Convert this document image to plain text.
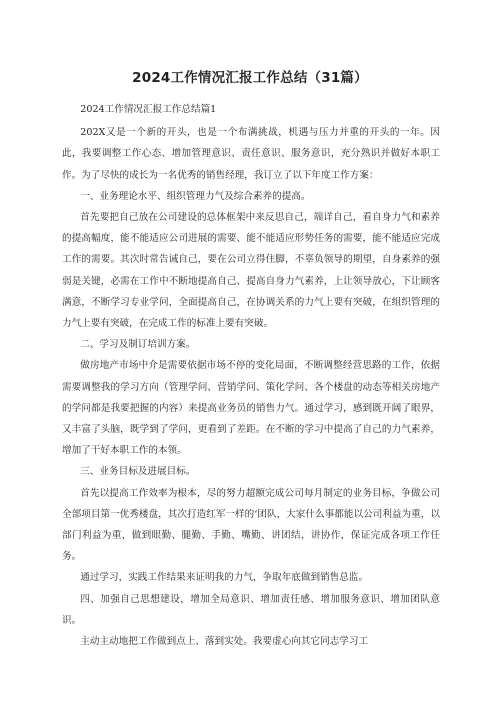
2024工作情况汇报工作总结（31篇）

2024工作情况汇报工作总结篇1

202X又是一个新的开头，也是一个布满挑战，机遇与压力并重的开头的一年。因此，我要调整工作心态、增加管理意识、责任意识、服务意识，充分熟识并做好本职工作。为了尽快的成长为一名优秀的销售经理，我订立了以下年度工作方案：

一、业务理论水平、组织管理力气及综合素养的提高。

首先要把自己放在公司建设的总体框架中来反思自己，端详自己，看自身力气和素养的提高幅度，能不能适应公司进展的需要、能不能适应形势任务的需要，能不能适应完成工作的需要。其次时常告诫自己，要在公司立得住脚，不辜负领导的期望，自身素养的强弱是关键，必需在工作中不断地提高自己、提高自身力气素养，上让领导放心，下让顾客满意，不断学习专业学问，全面提高自己，在协调关系的力气上要有突破，在组织管理的力气上要有突破，在完成工作的标准上要有突破。

二、学习及制订培训方案。

做房地产市场中介是需要依据市场不停的变化局面，不断调整经营思路的工作，依据需要调整我的学习方向（管理学问、营销学问、策化学问、各个楼盘的动态等相关房地产的学问都是我要把握的内容）来提高业务员的销售力气。通过学习，感到既开阔了眼界，又丰富了头脑，既学到了学问，更看到了差距。在不断的学习中提高了自己的力气素养，增加了干好本职工作的本领。

三、业务目标及进展目标。

首先以提高工作效率为根本，尽的努力超额完成公司每月制定的业务目标，争做公司全部项目第一优秀楼盘，其次打造红军一样的‘团队，大家什么事都能以公司利益为重，以部门利益为重，做到眼勤、腿勤、手勤、嘴勤、讲团结，讲协作，保证完成各项工作任务。

通过学习，实践工作结果来证明我的力气，争取年底做到销售总监。

四、加强自己思想建设，增加全局意识、增加责任感、增加服务意识、增加团队意识。

主动主动地把工作做到点上、落到实处。我要虚心向其它同志学习工
